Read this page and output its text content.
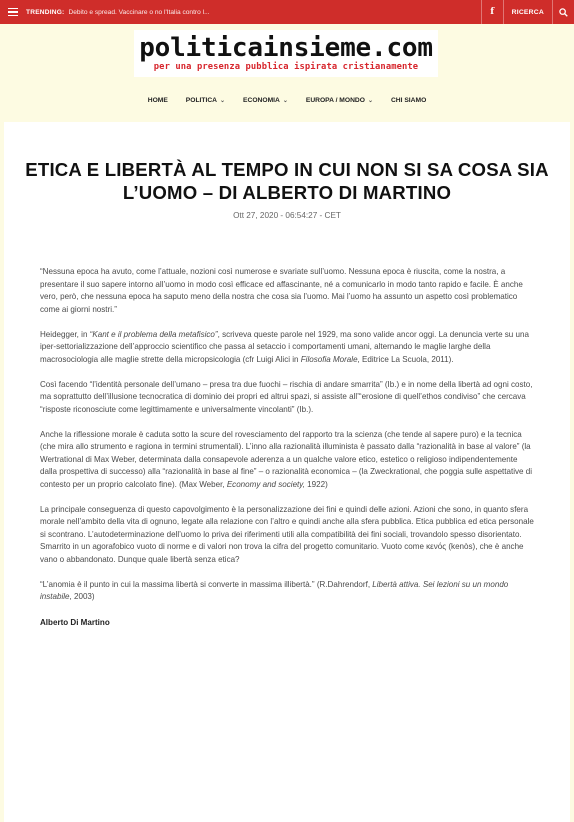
TRENDING: Debito e spread. Vaccinare o no l'Italia contro l...	f	RICERCA
politicainsieme.com
per una presenza pubblica ispirata cristianamente
HOME	POLITICA ⌄	ECONOMIA ⌄	EUROPA / MONDO ⌄	CHI SIAMO
ETICA E LIBERTÀ AL TEMPO IN CUI NON SI SA COSA SIA L’UOMO – DI ALBERTO DI MARTINO
Ott 27, 2020 - 06:54:27 - CET

“Nessuna epoca ha avuto, come l’attuale, nozioni così numerose e svariate sull’uomo. Nessuna epoca è riuscita, come la nostra, a presentare il suo sapere intorno all’uomo in modo così efficace ed affascinante, né a comunicarlo in modo tanto rapido e facile. È anche vero, però, che nessuna epoca ha saputo meno della nostra che cosa sia l’uomo. Mai l’uomo ha assunto un aspetto così problematico come ai giorni nostri.”

Heidegger, in “Kant e il problema della metafisico”, scriveva queste parole nel 1929, ma sono valide ancor oggi. La denuncia verte su una iper-settorializzazione dell’approccio scientifico che passa al setaccio i comportamenti umani, alternando le maglie larghe della macrosociologia alle maglie strette della micropsicologia (cfr Luigi Alici in Filosofia Morale, Editrice La Scuola, 2011).

Così facendo “l’identità personale dell’umano – presa tra due fuochi – rischia di andare smarrita” (Ib.) e in nome della libertà ad ogni costo, ma soprattutto dell’illusione tecnocratica di dominio dei propri ed altrui spazi, si assiste all’“erosione di quell’ethos condiviso” che cercava “risposte riconosciute come legittimamente e universalmente vincolanti” (Ib.).

Anche la riflessione morale è caduta sotto la scure del rovesciamento del rapporto tra la scienza (che tende al sapere puro) e la tecnica (che mira allo strumento e ragiona in termini strumentali). L’inno alla razionalità illuminista è passato dalla “razionalità in base al valore” (la Wertrational di Max Weber, determinata dalla consapevole aderenza a un qualche valore etico, estetico o religioso indipendentemente dalla prospettiva di successo) alla “razionalità in base al fine” – o razionalità economica – (la Zweckrational, che poggia sulle aspettative di contesto per un proprio calcolato fine). (Max Weber, Economy and society, 1922)

La principale conseguenza di questo capovolgimento è la personalizzazione dei fini e quindi delle azioni. Azioni che sono, in quanto sfera morale nell’ambito della vita di ognuno, legate alla relazione con l’altro e quindi anche alla sfera pubblica. Etica pubblica ed etica personale si scontrano. L’autodeterminazione dell’uomo lo priva dei riferimenti utili alla compatibilità dei fini sociali, trovandolo spesso disorientato. Smarrito in un agorafobico vuoto di norme e di valori non trova la cifra del progetto comunitario. Vuoto come κενός (kenòs), che è anche vano o abbandonato. Dunque quale libertà senza etica?

“L’anomia è il punto in cui la massima libertà si converte in massima illibertà.” (R.Dahrendorf, Libertà attiva. Sei lezioni su un mondo instabile, 2003)

Alberto Di Martino
